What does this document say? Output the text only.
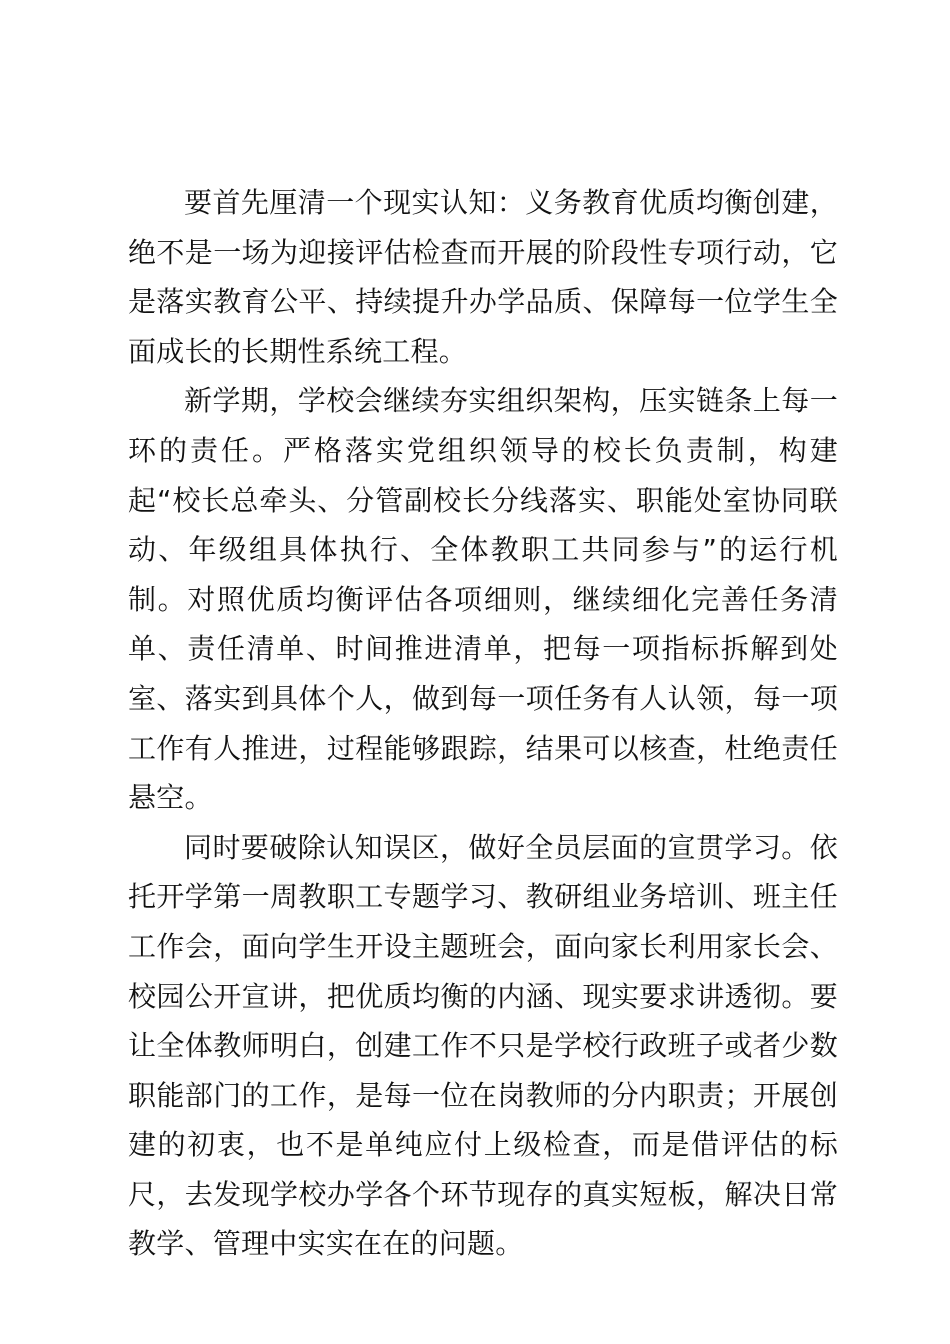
要首先厘清一个现实认知：义务教育优质均衡创建，绝不是一场为迎接评估检查而开展的阶段性专项行动，它是落实教育公平、持续提升办学品质、保障每一位学生全面成长的长期性系统工程。

新学期，学校会继续夯实组织架构，压实链条上每一环的责任。严格落实党组织领导的校长负责制，构建起“校长总牵头、分管副校长分线落实、职能处室协同联动、年级组具体执行、全体教职工共同参与”的运行机制。对照优质均衡评估各项细则，继续细化完善任务清单、责任清单、时间推进清单，把每一项指标拆解到处室、落实到具体个人，做到每一项任务有人认领，每一项工作有人推进，过程能够跟踪，结果可以核查，杜绝责任悬空。

同时要破除认知误区，做好全员层面的宣贯学习。依托开学第一周教职工专题学习、教研组业务培训、班主任工作会，面向学生开设主题班会，面向家长利用家长会、校园公开宣讲，把优质均衡的内涵、现实要求讲透彻。要让全体教师明白，创建工作不只是学校行政班子或者少数职能部门的工作，是每一位在岗教师的分内职责；开展创建的初衷，也不是单纯应付上级检查，而是借评估的标尺，去发现学校办学各个环节现存的真实短板，解决日常教学、管理中实实在在的问题。
